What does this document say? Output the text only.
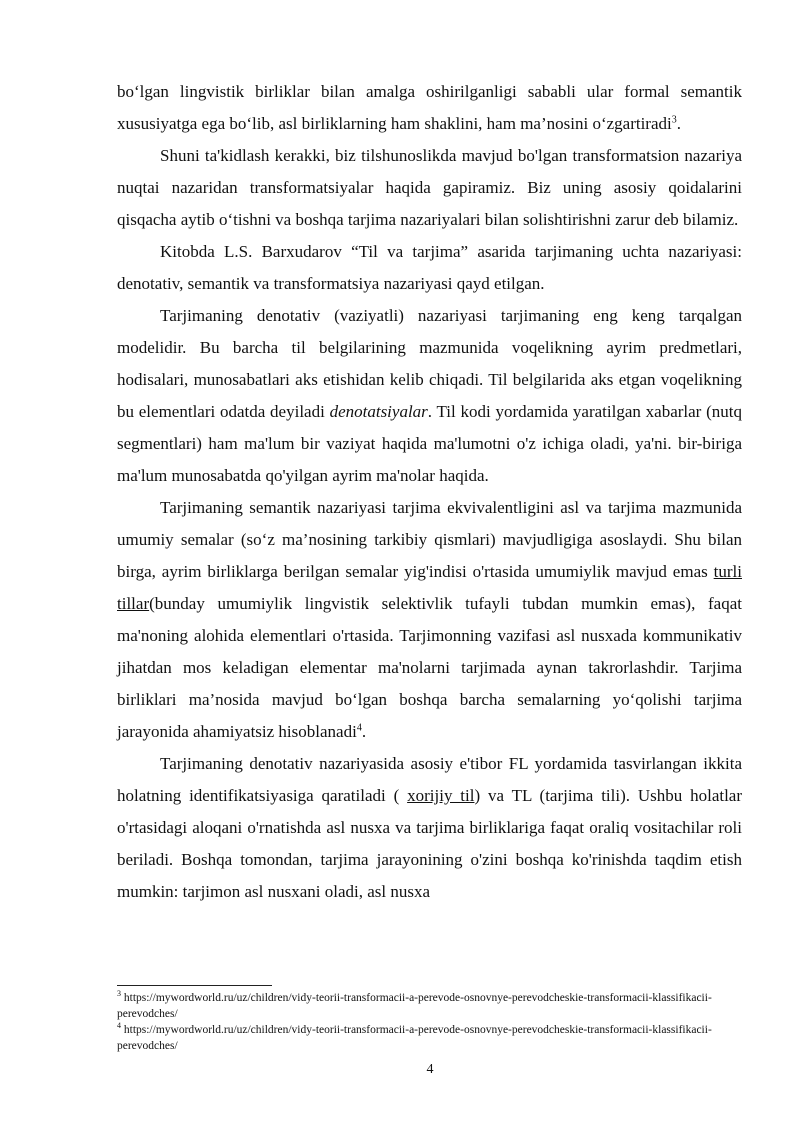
bo‘lgan lingvistik birliklar bilan amalga oshirilganligi sababli ular formal semantik xususiyatga ega bo‘lib, asl birliklarning ham shaklini, ham ma’nosini o‘zgartiradi$^3$.

Shuni ta'kidlash kerakki, biz tilshunoslikda mavjud bo'lgan transformatsion nazariya nuqtai nazaridan transformatsiyalar haqida gapiramiz. Biz uning asosiy qoidalarini qisqacha aytib o‘tishni va boshqa tarjima nazariyalari bilan solishtirishni zarur deb bilamiz.

Kitobda L.S. Barxudarov “Til va tarjima” asarida tarjimaning uchta nazariyasi: denotativ, semantik va transformatsiya nazariyasi qayd etilgan.

Tarjimaning denotativ (vaziyatli) nazariyasi tarjimaning eng keng tarqalgan modelidir. Bu barcha til belgilarining mazmunida voqelikning ayrim predmetlari, hodisalari, munosabatlari aks etishidan kelib chiqadi. Til belgilarida aks etgan voqelikning bu elementlari odatda deyiladi denotatsiyalar. Til kodi yordamida yaratilgan xabarlar (nutq segmentlari) ham ma'lum bir vaziyat haqida ma'lumotni o'z ichiga oladi, ya'ni. bir-biriga ma'lum munosabatda qo'yilgan ayrim ma'nolar haqida.

Tarjimaning semantik nazariyasi tarjima ekvivalentligini asl va tarjima mazmunida umumiy semalar (so‘z ma’nosining tarkibiy qismlari) mavjudligiga asoslaydi. Shu bilan birga, ayrim birliklarga berilgan semalar yig'indisi o'rtasida umumiylik mavjud emas turli tillar(bunday umumiylik lingvistik selektivlik tufayli tubdan mumkin emas), faqat ma'noning alohida elementlari o'rtasida. Tarjimonning vazifasi asl nusxada kommunikativ jihatdan mos keladigan elementar ma'nolarni tarjimada aynan takrorlashdir. Tarjima birliklari ma’nosida mavjud bo‘lgan boshqa barcha semalarning yo‘qolishi tarjima jarayonida ahamiyatsiz hisoblanadi$^4$.

Tarjimaning denotativ nazariyasida asosiy e'tibor FL yordamida tasvirlangan ikkita holatning identifikatsiyasiga qaratiladi ( xorijiy til) va TL (tarjima tili). Ushbu holatlar o'rtasidagi aloqani o'rnatishda asl nusxa va tarjima birliklariga faqat oraliq vositachilar roli beriladi. Boshqa tomondan, tarjima jarayonining o'zini boshqa ko'rinishda taqdim etish mumkin: tarjimon asl nusxani oladi, asl nusxa

$^3$ https://mywordworld.ru/uz/children/vidy-teorii-transformacii-a-perevode-osnovnye-perevodcheskie-transformacii-klassifikacii-perevodches/

$^4$ https://mywordworld.ru/uz/children/vidy-teorii-transformacii-a-perevode-osnovnye-perevodcheskie-transformacii-klassifikacii-perevodches/

4
